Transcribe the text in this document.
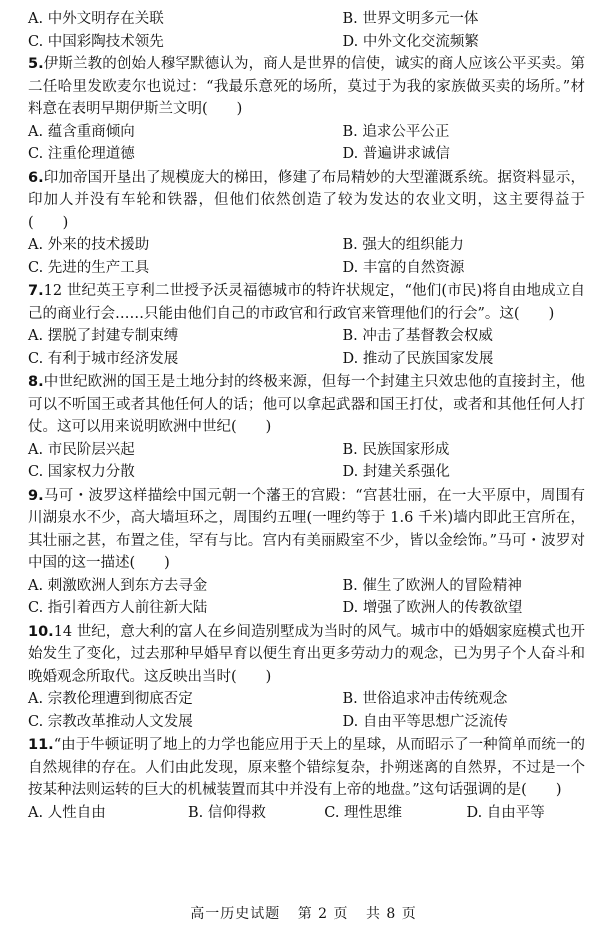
A. 中外文明存在关联	B. 世界文明多元一体
C. 中国彩陶技术领先	D. 中外文化交流频繁
5.伊斯兰教的创始人穆罕默德认为，商人是世界的信使，诚实的商人应该公平买卖。第二任哈里发欧麦尔也说过：“我最乐意死的场所，莫过于为我的家族做买卖的场所。”材料意在表明早期伊斯兰文明(　　)
A. 蕴含重商倾向	B. 追求公平公正
C. 注重伦理道德	D. 普遍讲求诚信
6.印加帝国开垦出了规模庞大的梯田，修建了布局精妙的大型灌溉系统。据资料显示，印加人并没有车轮和铁器，但他们依然创造了较为发达的农业文明，这主要得益于(　　)
A. 外来的技术援助	B. 强大的组织能力
C. 先进的生产工具	D. 丰富的自然资源
7.12 世纪英王亨利二世授予沃灵福德城市的特许状规定，“他们(市民)将自由地成立自己的商业行会……只能由他们自己的市政官和行政官来管理他们的行会”。这(　　)
A. 摆脱了封建专制束缚	B. 冲击了基督教会权威
C. 有利于城市经济发展	D. 推动了民族国家发展
8.中世纪欧洲的国王是土地分封的终极来源，但每一个封建主只效忠他的直接封主，他可以不听国王或者其他任何人的话；他可以拿起武器和国王打仗，或者和其他任何人打仗。这可以用来说明欧洲中世纪(　　)
A. 市民阶层兴起	B. 民族国家形成
C. 国家权力分散	D. 封建关系强化
9.马可・波罗这样描绘中国元朝一个藩王的宫殿：“宫甚壮丽，在一大平原中，周围有川湖泉水不少，高大墙垣环之，周围约五哩(一哩约等于 1.6 千米)墙内即此王宫所在，其壮丽之甚，布置之佳，罕有与比。宫内有美丽殿室不少，皆以金绘饰。”马可・波罗对中国的这一描述(　　)
A. 刺激欧洲人到东方去寻金	B. 催生了欧洲人的冒险精神
C. 指引着西方人前往新大陆	D. 增强了欧洲人的传教欲望
10.14 世纪，意大利的富人在乡间造别墅成为当时的风气。城市中的婚姻家庭模式也开始发生了变化，过去那种早婚早育以便生育出更多劳动力的观念，已为男子个人奋斗和晚婚观念所取代。这反映出当时(　　)
A. 宗教伦理遭到彻底否定	B. 世俗追求冲击传统观念
C. 宗教改革推动人文发展	D. 自由平等思想广泛流传
11.“由于牛顿证明了地上的力学也能应用于天上的星球，从而昭示了一种简单而统一的自然规律的存在。人们由此发现，原来整个错综复杂，扑朔迷离的自然界，不过是一个按某种法则运转的巨大的机械装置而其中并没有上帝的地盘。”这句话强调的是(　　)
A. 人性自由	B. 信仰得救	C. 理性思维	D. 自由平等
高一历史试题 第 2 页 共 8 页
